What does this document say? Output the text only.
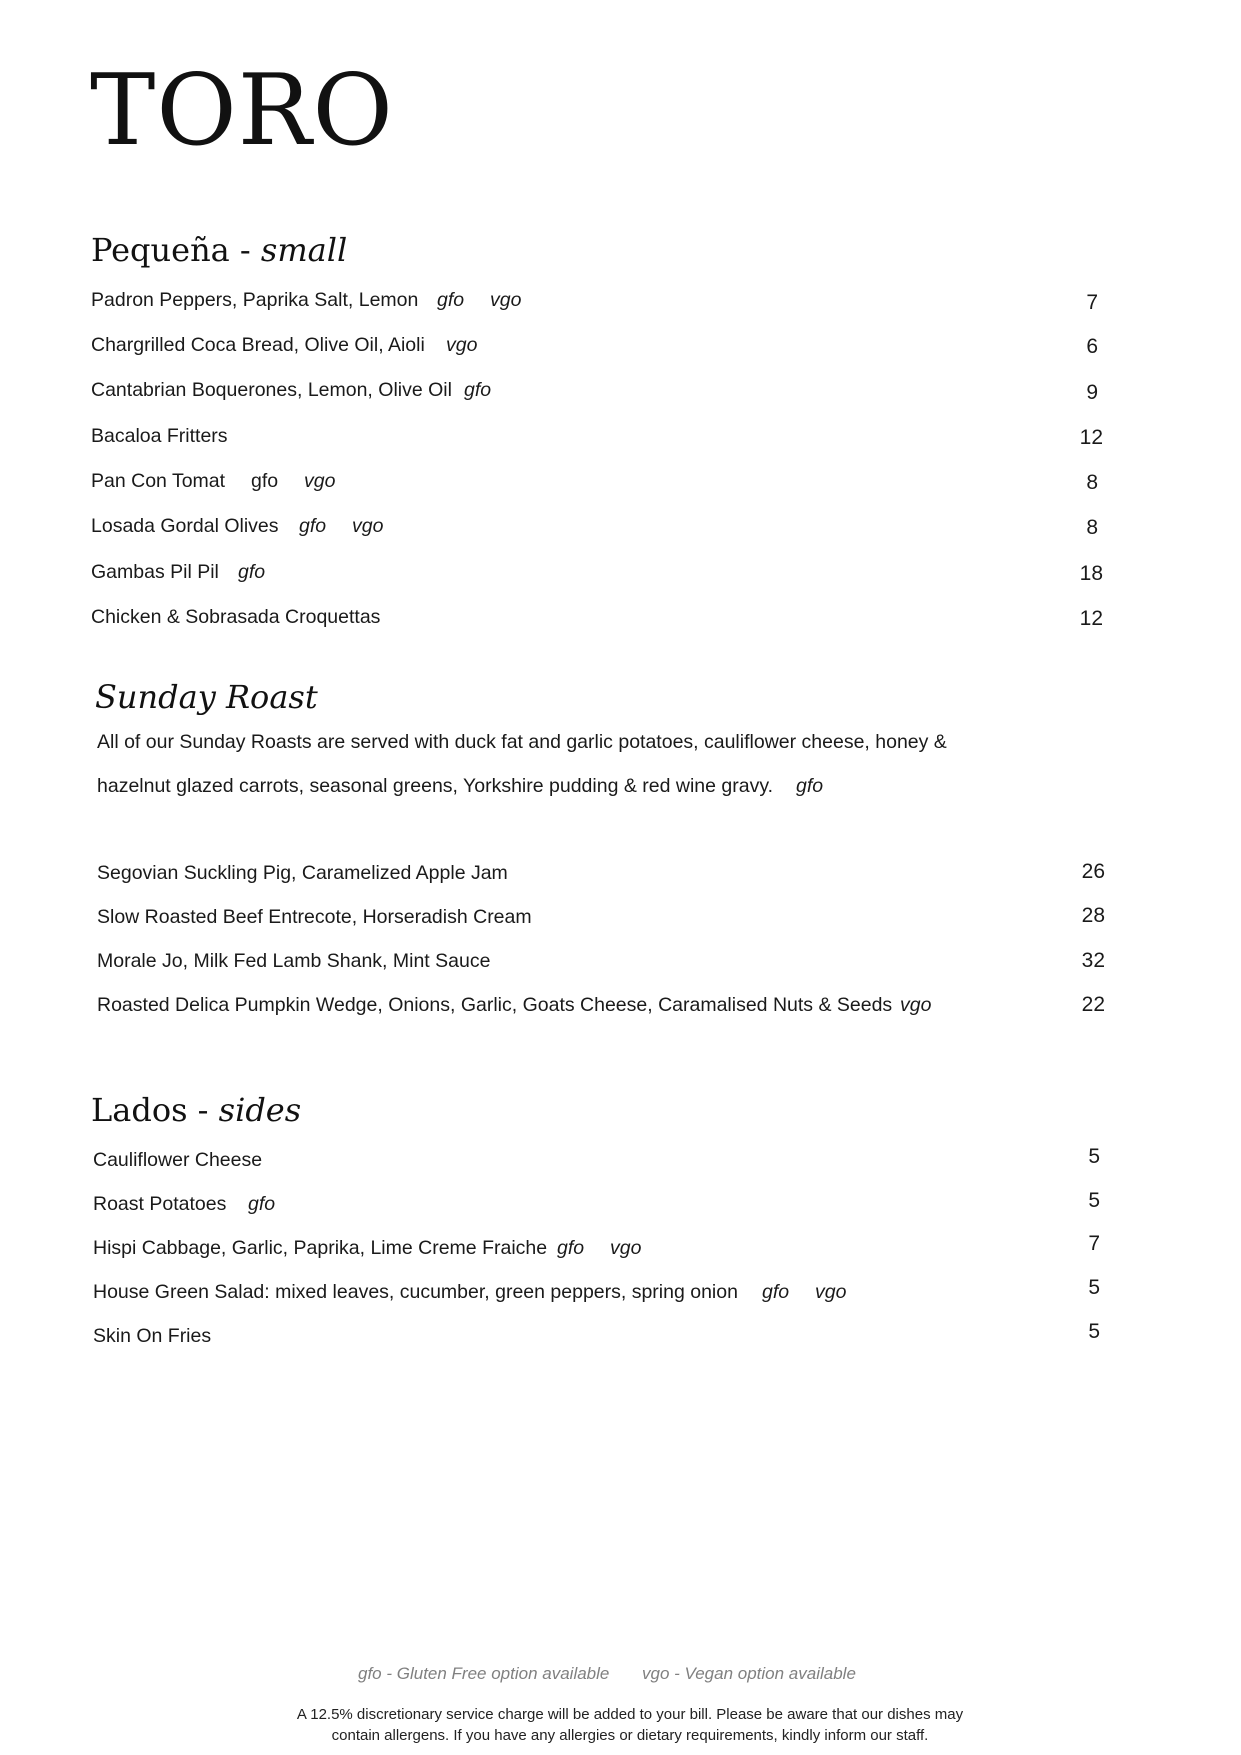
TORO
Pequeña - small
Padron Peppers, Paprika Salt, Lemon gfo vgo	7
Chargrilled Coca Bread, Olive Oil, Aioli vgo	6
Cantabrian Boquerones, Lemon, Olive Oil gfo	9
Bacaloa Fritters	12
Pan Con Tomat gfo vgo	8
Losada Gordal Olives gfo vgo	8
Gambas Pil Pil gfo	18
Chicken & Sobrasada Croquettas	12
Sunday Roast
All of our Sunday Roasts are served with duck fat and garlic potatoes, cauliflower cheese, honey &
hazelnut glazed carrots, seasonal greens, Yorkshire pudding & red wine gravy. gfo
Segovian Suckling Pig, Caramelized Apple Jam	26
Slow Roasted Beef Entrecote, Horseradish Cream	28
Morale Jo, Milk Fed Lamb Shank, Mint Sauce	32
Roasted Delica Pumpkin Wedge, Onions, Garlic, Goats Cheese, Caramalised Nuts & Seeds vgo	22
Lados - sides
Cauliflower Cheese	5
Roast Potatoes gfo	5
Hispi Cabbage, Garlic, Paprika, Lime Creme Fraiche gfo vgo	7
House Green Salad: mixed leaves, cucumber, green peppers, spring onion gfo vgo	5
Skin On Fries	5
gfo - Gluten Free option available vgo - Vegan option available
A 12.5% discretionary service charge will be added to your bill. Please be aware that our dishes may
contain allergens. If you have any allergies or dietary requirements, kindly inform our staff.
